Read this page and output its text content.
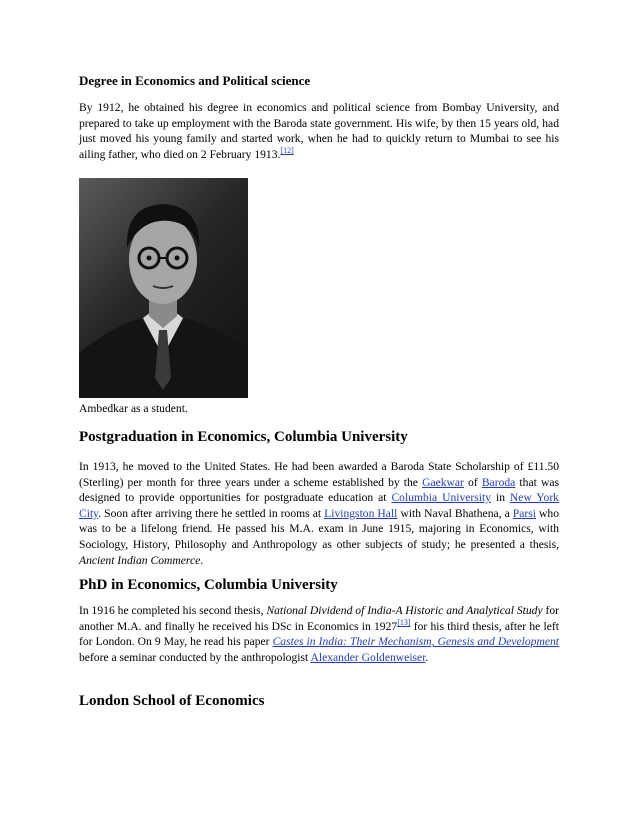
Degree in Economics and Political science
By 1912, he obtained his degree in economics and political science from Bombay University, and prepared to take up employment with the Baroda state government. His wife, by then 15 years old, had just moved his young family and started work, when he had to quickly return to Mumbai to see his ailing father, who died on 2 February 1913.[12]
Ambedkar as a student.
Postgraduation in Economics, Columbia University
In 1913, he moved to the United States. He had been awarded a Baroda State Scholarship of £11.50 (Sterling) per month for three years under a scheme established by the Gaekwar of Baroda that was designed to provide opportunities for postgraduate education at Columbia University in New York City. Soon after arriving there he settled in rooms at Livingston Hall with Naval Bhathena, a Parsi who was to be a lifelong friend. He passed his M.A. exam in June 1915, majoring in Economics, with Sociology, History, Philosophy and Anthropology as other subjects of study; he presented a thesis, Ancient Indian Commerce.
PhD in Economics, Columbia University
In 1916 he completed his second thesis, National Dividend of India-A Historic and Analytical Study for another M.A. and finally he received his DSc in Economics in 1927[13] for his third thesis, after he left for London. On 9 May, he read his paper Castes in India: Their Mechanism, Genesis and Development before a seminar conducted by the anthropologist Alexander Goldenweiser.
London School of Economics
